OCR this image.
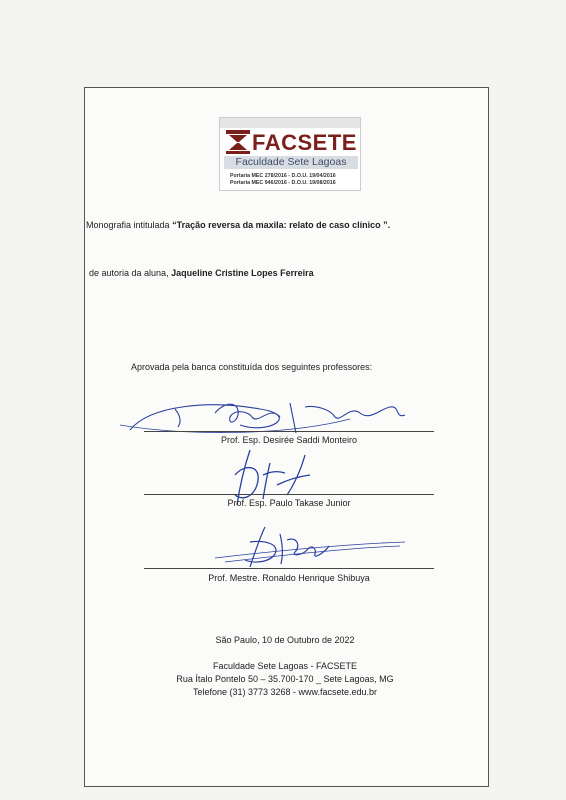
FACSETE
Faculdade Sete Lagoas
Portaria MEC 278/2016 - D.O.U. 19/04/2016
Portaria MEC 946/2016 - D.O.U. 19/08/2016
Monografia intitulada “Tração reversa da maxila: relato de caso clínico ”.
de autoria da aluna, Jaqueline Cristine Lopes Ferreira
Aprovada pela banca constituída dos seguintes professores:
Prof. Esp. Desirée Saddi Monteiro
Prof. Esp. Paulo Takase Junior
Prof. Mestre. Ronaldo Henrique Shibuya
São Paulo, 10 de Outubro de 2022
Faculdade Sete Lagoas - FACSETE
Rua Ítalo Pontelo 50 – 35.700-170 _ Sete Lagoas, MG
Telefone (31) 3773 3268 - www.facsete.edu.br
